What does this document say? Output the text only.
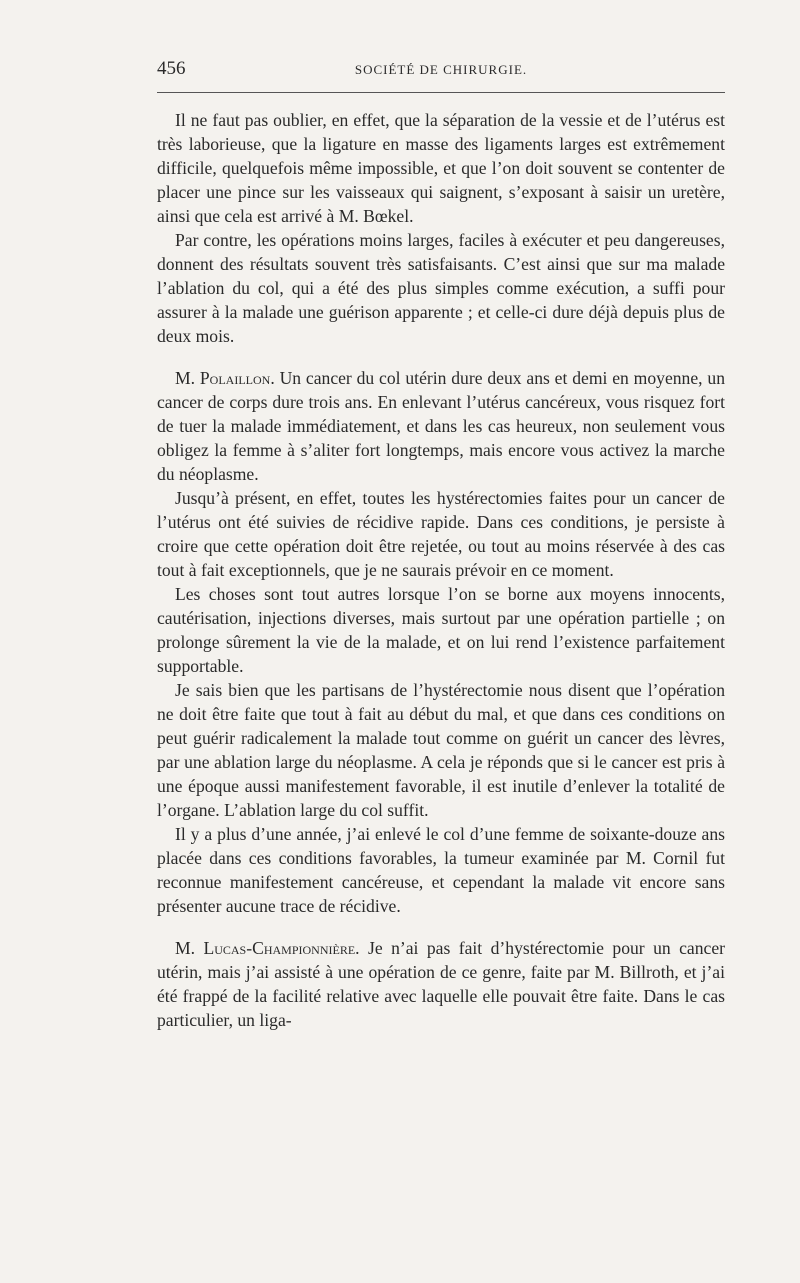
456	SOCIÉTÉ DE CHIRURGIE.

Il ne faut pas oublier, en effet, que la séparation de la vessie et de l’utérus est très laborieuse, que la ligature en masse des ligaments larges est extrêmement difficile, quelquefois même impossible, et que l’on doit souvent se contenter de placer une pince sur les vaisseaux qui saignent, s’exposant à saisir un uretère, ainsi que cela est arrivé à M. Bœkel.

Par contre, les opérations moins larges, faciles à exécuter et peu dangereuses, donnent des résultats souvent très satisfaisants. C’est ainsi que sur ma malade l’ablation du col, qui a été des plus simples comme exécution, a suffi pour assurer à la malade une guérison apparente ; et celle-ci dure déjà depuis plus de deux mois.

M. Polaillon. Un cancer du col utérin dure deux ans et demi en moyenne, un cancer de corps dure trois ans. En enlevant l’utérus cancéreux, vous risquez fort de tuer la malade immédiatement, et dans les cas heureux, non seulement vous obligez la femme à s’aliter fort longtemps, mais encore vous activez la marche du néoplasme.

Jusqu’à présent, en effet, toutes les hystérectomies faites pour un cancer de l’utérus ont été suivies de récidive rapide. Dans ces conditions, je persiste à croire que cette opération doit être rejetée, ou tout au moins réservée à des cas tout à fait exceptionnels, que je ne saurais prévoir en ce moment.

Les choses sont tout autres lorsque l’on se borne aux moyens innocents, cautérisation, injections diverses, mais surtout par une opération partielle ; on prolonge sûrement la vie de la malade, et on lui rend l’existence parfaitement supportable.

Je sais bien que les partisans de l’hystérectomie nous disent que l’opération ne doit être faite que tout à fait au début du mal, et que dans ces conditions on peut guérir radicalement la malade tout comme on guérit un cancer des lèvres, par une ablation large du néoplasme. A cela je réponds que si le cancer est pris à une époque aussi manifestement favorable, il est inutile d’enlever la totalité de l’organe. L’ablation large du col suffit.

Il y a plus d’une année, j’ai enlevé le col d’une femme de soixante-douze ans placée dans ces conditions favorables, la tumeur examinée par M. Cornil fut reconnue manifestement cancéreuse, et cependant la malade vit encore sans présenter aucune trace de récidive.

M. Lucas-Championnière. Je n’ai pas fait d’hystérectomie pour un cancer utérin, mais j’ai assisté à une opération de ce genre, faite par M. Billroth, et j’ai été frappé de la facilité relative avec laquelle elle pouvait être faite. Dans le cas particulier, un liga-
